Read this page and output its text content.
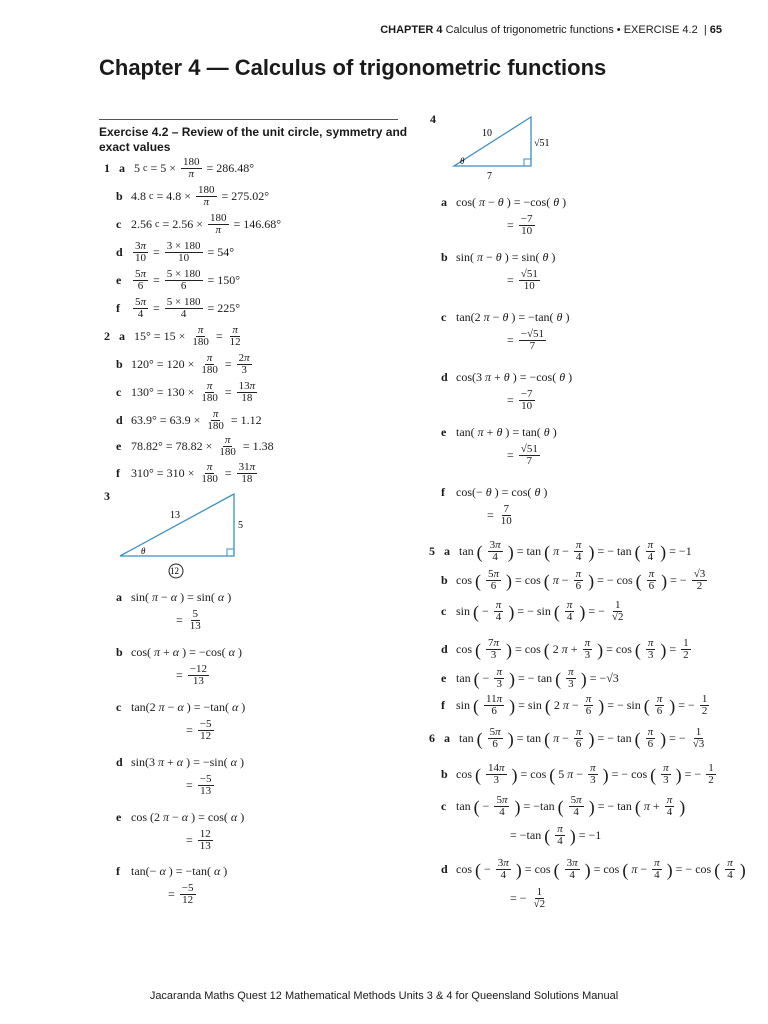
CHAPTER 4 Calculus of trigonometric functions • EXERCISE 4.2 | 65
Chapter 4 — Calculus of trigonometric functions
Exercise 4.2 – Review of the unit circle, symmetry and exact values
1 a 5 $c = 5 \times \frac{180}{\pi} = 286.48^\circ$
b 4.8 $c = 4.8 \times \frac{180}{\pi} = 275.02^\circ$
c 2.56 $c = 2.56 \times \frac{180}{\pi} = 146.68^\circ$
d $\frac{3\pi}{10} = \frac{3 \times 180}{10} = 54^\circ$
e	$\frac{5\pi}{6} = \frac{5 \times 180}{6} = 150^\circ$
f	$\frac{5\pi}{4} = \frac{5 \times 180}{4} = 225^\circ$
2 a $15^\circ = 15 \times \frac{\pi}{180} = \frac{\pi}{12}$
b $120^\circ = 120 \times \frac{\pi}{180} = \frac{2\pi}{3}$
c $130^\circ = 130 \times \frac{\pi}{180} = \frac{13\pi}{18}$
d $63.9^\circ = 63.9 \times \frac{\pi}{180} = 1.12$
e $78.82^\circ = 78.82 \times \frac{\pi}{180} = 1.38$
f $310^\circ = 310 \times \frac{\pi}{180} = \frac{31\pi}{18}$
3
13
5
θ
12
a sin( π − α ) = sin( α )
= $\frac{5}{13}$
b cos( π + α ) = −cos( α )
= $\frac{-12}{13}$
c tan(2 π − α ) = −tan( α )
= $\frac{-5}{12}$
d sin(3 π + α ) = −sin( α )
= $\frac{-5}{13}$
e cos (2 π − α ) = cos( α )
= $\frac{12}{13}$
f tan(− α ) = −tan( α )
= $\frac{-5}{12}$
4
10
√51
θ
7
a cos( π − θ ) = −cos( θ )
= $\frac{-7}{10}$
b sin( π − θ ) = sin( θ )
= $\frac{√51}{10}$
c tan(2 π − θ ) = −tan( θ )
= $\frac{-√51}{7}$
d cos(3 π + θ ) = −cos( θ )
= $\frac{-7}{10}$
e tan( π + θ ) = tan( θ )
= $\frac{√51}{7}$
f cos(− θ ) = cos( θ )
= $\frac{7}{10}$
5 a tan ( $\frac{3\pi}{4}$ ) = tan ( $\pi - \frac{\pi}{4}$ ) = − tan ( $\frac{\pi}{4}$ ) = −1
b cos ( $\frac{5\pi}{6}$ ) = cos ( $\pi - \frac{\pi}{6}$ ) = − cos ( $\frac{\pi}{6}$ ) = − $\frac{√3}{2}$
c sin ( − $\frac{\pi}{4}$ ) = − sin ( $\frac{\pi}{4}$ ) = − $\frac{1}{√2}$
d cos ( $\frac{7\pi}{3}$ ) = cos ( 2 $\pi + \frac{\pi}{3}$ ) = cos ( $\frac{\pi}{3}$ ) = $\frac{1}{2}$
e tan ( − $\frac{\pi}{3}$ ) = − tan ( $\frac{\pi}{3}$ ) = −√3
f sin ( $\frac{11\pi}{6}$ ) = sin ( 2 $\pi - \frac{\pi}{6}$ ) = − sin ( $\frac{\pi}{6}$ ) = − $\frac{1}{2}$
6 a tan ( $\frac{5\pi}{6}$ ) = tan ( $\pi - \frac{\pi}{6}$ ) = − tan ( $\frac{\pi}{6}$ ) = − $\frac{1}{√3}$
b cos ( $\frac{14\pi}{3}$ ) = cos ( 5 $\pi - \frac{\pi}{3}$ ) = − cos ( $\frac{\pi}{3}$ ) = − $\frac{1}{2}$
c tan ( − $\frac{5\pi}{4}$ ) = −tan ( $\frac{5\pi}{4}$ ) = − tan ( $\pi + \frac{\pi}{4}$ )
= −tan ( $\frac{\pi}{4}$ ) = −1
d cos ( − $\frac{3\pi}{4}$ ) = cos ( $\frac{3\pi}{4}$ ) = cos ( $\pi - \frac{\pi}{4}$ ) = − cos ( $\frac{\pi}{4}$ )
= − $\frac{1}{√2}$
Jacaranda Maths Quest 12 Mathematical Methods Units 3 & 4 for Queensland Solutions Manual
